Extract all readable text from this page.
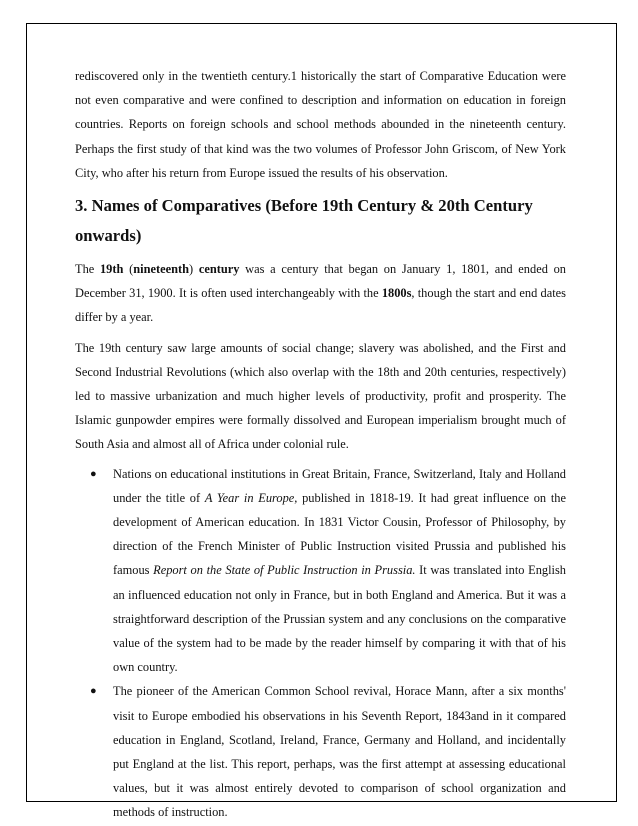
rediscovered only in the twentieth century.1 historically the start of Comparative Education were not even comparative and were confined to description and information on education in foreign countries. Reports on foreign schools and school methods abounded in the nineteenth century. Perhaps the first study of that kind was the two volumes of Professor John Griscom, of New York City, who after his return from Europe issued the results of his observation.

3. Names of Comparatives (Before 19th Century & 20th Century onwards)

The 19th (nineteenth) century was a century that began on January 1, 1801, and ended on December 31, 1900. It is often used interchangeably with the 1800s, though the start and end dates differ by a year.

The 19th century saw large amounts of social change; slavery was abolished, and the First and Second Industrial Revolutions (which also overlap with the 18th and 20th centuries, respectively) led to massive urbanization and much higher levels of productivity, profit and prosperity. The Islamic gunpowder empires were formally dissolved and European imperialism brought much of South Asia and almost all of Africa under colonial rule.

● Nations on educational institutions in Great Britain, France, Switzerland, Italy and Holland under the title of A Year in Europe, published in 1818-19. It had great influence on the development of American education. In 1831 Victor Cousin, Professor of Philosophy, by direction of the French Minister of Public Instruction visited Prussia and published his famous Report on the State of Public Instruction in Prussia. It was translated into English an influenced education not only in France, but in both England and America. But it was a straightforward description of the Prussian system and any conclusions on the comparative value of the system had to be made by the reader himself by comparing it with that of his own country.
● The pioneer of the American Common School revival, Horace Mann, after a six months' visit to Europe embodied his observations in his Seventh Report, 1843and in it compared education in England, Scotland, Ireland, France, Germany and Holland, and incidentally put England at the list. This report, perhaps, was the first attempt at assessing educational values, but it was almost entirely devoted to comparison of school organization and methods of instruction.
